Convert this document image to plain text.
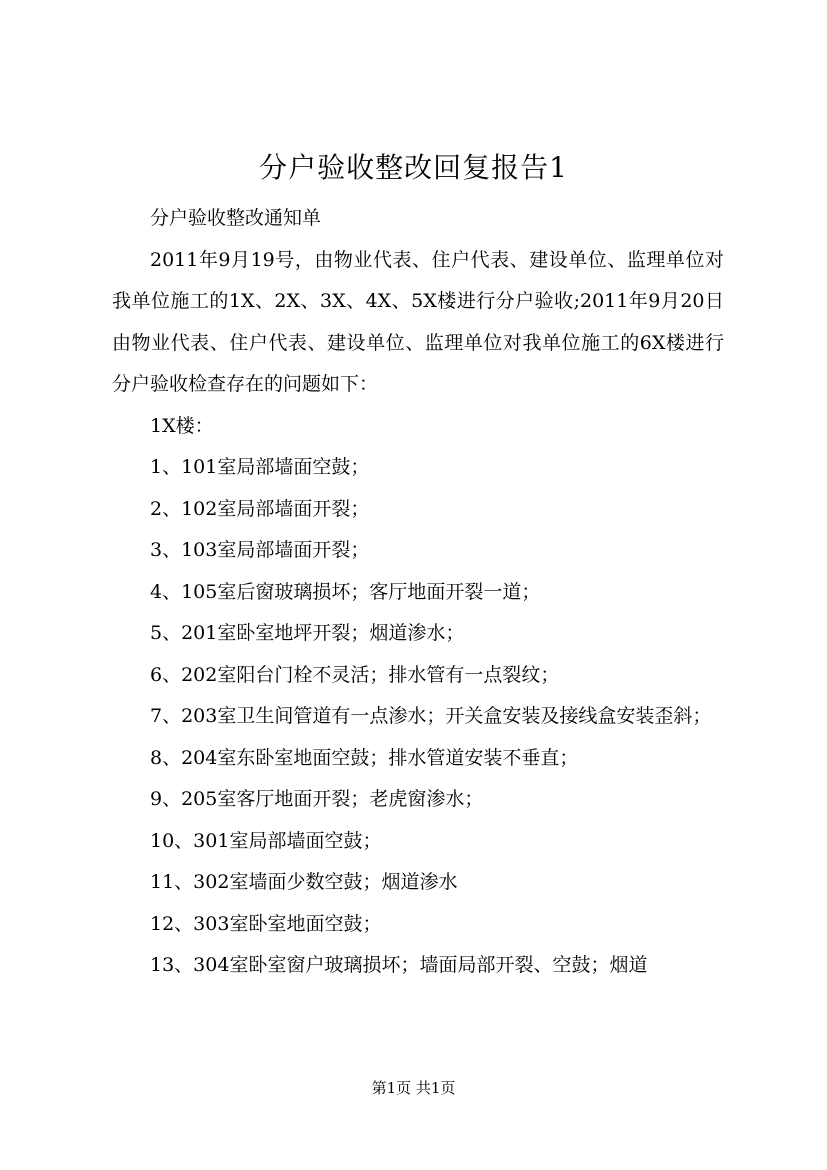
分户验收整改回复报告1

分户验收整改通知单

2011年9月19号，由物业代表、住户代表、建设单位、监理单位对我单位施工的1X、2X、3X、4X、5X楼进行分户验收;2011年9月20日由物业代表、住户代表、建设单位、监理单位对我单位施工的6X楼进行分户验收检查存在的问题如下：

1X楼：

1、101室局部墙面空鼓；

2、102室局部墙面开裂；

3、103室局部墙面开裂；

4、105室后窗玻璃损坏；客厅地面开裂一道；

5、201室卧室地坪开裂；烟道渗水；

6、202室阳台门栓不灵活；排水管有一点裂纹；

7、203室卫生间管道有一点渗水；开关盒安装及接线盒安装歪斜；

8、204室东卧室地面空鼓；排水管道安装不垂直；

9、205室客厅地面开裂；老虎窗渗水；

10、301室局部墙面空鼓；

11、302室墙面少数空鼓；烟道渗水

12、303室卧室地面空鼓；

13、304室卧室窗户玻璃损坏；墙面局部开裂、空鼓；烟道

第1页 共1页
